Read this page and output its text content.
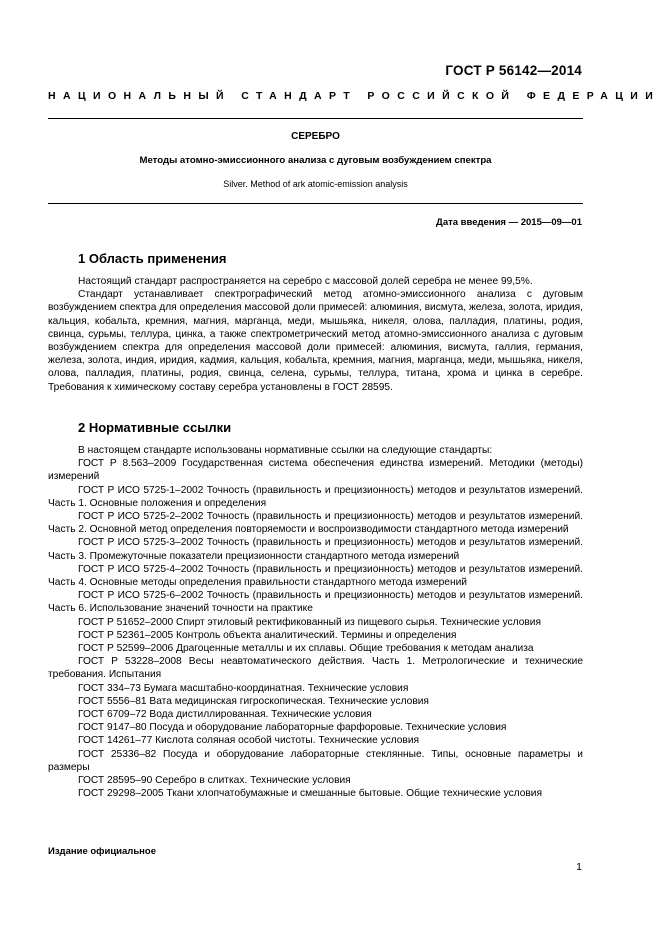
ГОСТ Р 56142—2014

НАЦИОНАЛЬНЫЙ СТАНДАРТ РОССИЙСКОЙ ФЕДЕРАЦИИ

СЕРЕБРО

Методы атомно-эмиссионного анализа с дуговым возбуждением спектра

Silver. Method of ark atomic-emission analysis

Дата введения — 2015—09—01

1 Область применения

Настоящий стандарт распространяется на серебро с массовой долей серебра не менее 99,5%.

Стандарт устанавливает спектрографический метод атомно-эмиссионного анализа с дуговым возбуждением спектра для определения массовой доли примесей: алюминия, висмута, железа, золота, иридия, кальция, кобальта, кремния, магния, марганца, меди, мышьяка, никеля, олова, палладия, платины, родия, свинца, сурьмы, теллура, цинка, а также спектрометрический метод атомно-эмиссионного анализа с дуговым возбуждением спектра для определения массовой доли примесей: алюминия, висмута, галлия, германия, железа, золота, индия, иридия, кадмия, кальция, кобальта, кремния, магния, марганца, меди, мышьяка, никеля, олова, палладия, платины, родия, свинца, селена, сурьмы, теллура, титана, хрома и цинка в серебре. Требования к химическому составу серебра установлены в ГОСТ 28595.

2 Нормативные ссылки

В настоящем стандарте использованы нормативные ссылки на следующие стандарты:

ГОСТ Р 8.563–2009 Государственная система обеспечения единства измерений. Методики (методы) измерений
ГОСТ Р ИСО 5725-1–2002 Точность (правильность и прецизионность) методов и результатов измерений. Часть 1. Основные положения и определения
ГОСТ Р ИСО 5725-2–2002 Точность (правильность и прецизионность) методов и результатов измерений. Часть 2. Основной метод определения повторяемости и воспроизводимости стандартного метода измерений
ГОСТ Р ИСО 5725-3–2002 Точность (правильность и прецизионность) методов и результатов измерений. Часть 3. Промежуточные показатели прецизионности стандартного метода измерений
ГОСТ Р ИСО 5725-4–2002 Точность (правильность и прецизионность) методов и результатов измерений. Часть 4. Основные методы определения правильности стандартного метода измерений
ГОСТ Р ИСО 5725-6–2002 Точность (правильность и прецизионность) методов и результатов измерений. Часть 6. Использование значений точности на практике
ГОСТ Р 51652–2000 Спирт этиловый ректификованный из пищевого сырья. Технические условия
ГОСТ Р 52361–2005 Контроль объекта аналитический. Термины и определения
ГОСТ Р 52599–2006 Драгоценные металлы и их сплавы. Общие требования к методам анализа
ГОСТ Р 53228–2008 Весы неавтоматического действия. Часть 1. Метрологические и технические требования. Испытания
ГОСТ 334–73 Бумага масштабно-координатная. Технические условия
ГОСТ 5556–81 Вата медицинская гигроскопическая. Технические условия
ГОСТ 6709–72 Вода дистиллированная. Технические условия
ГОСТ 9147–80 Посуда и оборудование лабораторные фарфоровые. Технические условия
ГОСТ 14261–77 Кислота соляная особой чистоты. Технические условия
ГОСТ 25336–82 Посуда и оборудование лабораторные стеклянные. Типы, основные параметры и размеры
ГОСТ 28595–90 Серебро в слитках. Технические условия
ГОСТ 29298–2005 Ткани хлопчатобумажные и смешанные бытовые. Общие технические условия

Издание официальное

1
